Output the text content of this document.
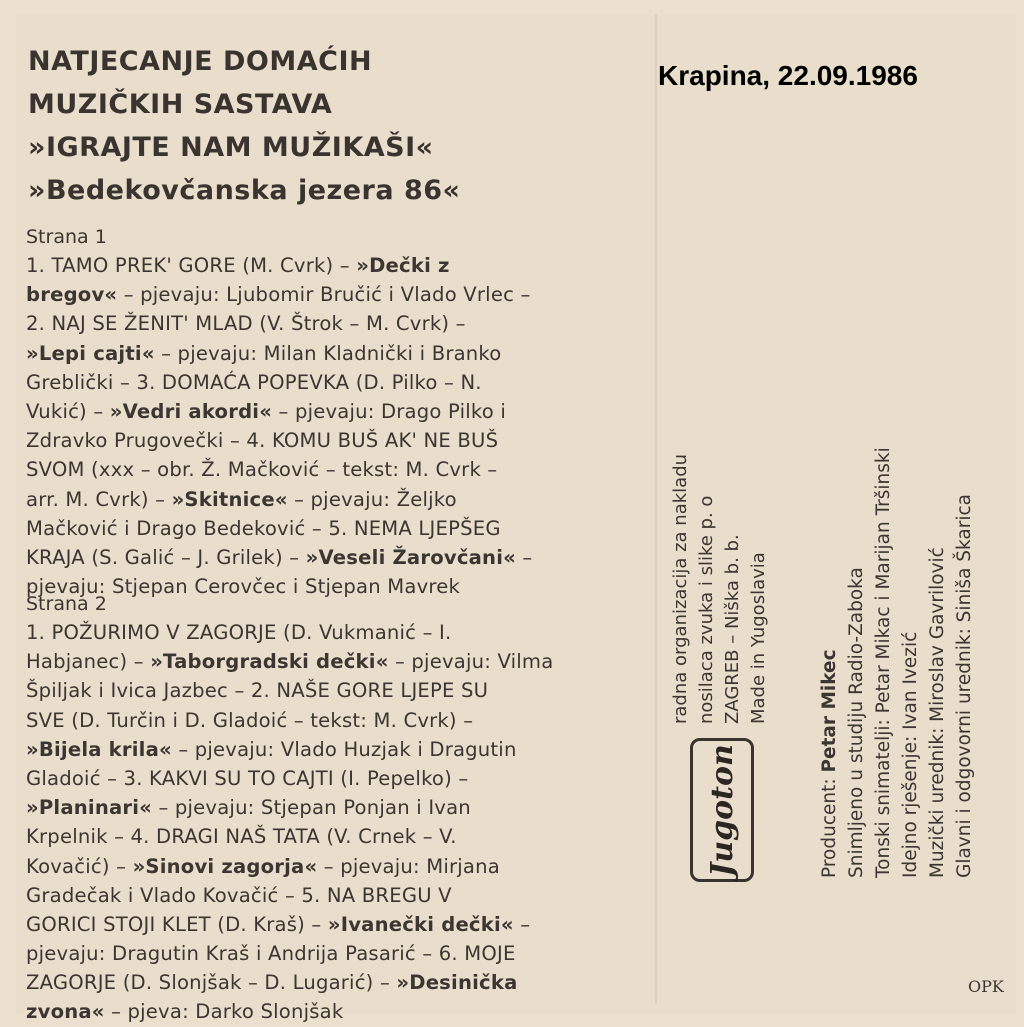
Krapina, 22.09.1986
NATJECANJE DOMAĆIH
MUZIČKIH SASTAVA
»IGRAJTE NAM MUŽIKAŠI«
»Bedekovčanska jezera 86«
Strana 1
1. TAMO PREK' GORE (M. Cvrk) – »Dečki z
bregov« – pjevaju: Ljubomir Bručić i Vlado Vrlec –
2. NAJ SE ŽENIT' MLAD (V. Štrok – M. Cvrk) –
»Lepi cajti« – pjevaju: Milan Kladnički i Branko
Greblički – 3. DOMAĆA POPEVKA (D. Pilko – N.
Vukić) – »Vedri akordi« – pjevaju: Drago Pilko i
Zdravko Prugovečki – 4. KOMU BUŠ AK' NE BUŠ
SVOM (xxx – obr. Ž. Mačković – tekst: M. Cvrk –
arr. M. Cvrk) – »Skitnice« – pjevaju: Željko
Mačković i Drago Bedeković – 5. NEMA LJEPŠEG
KRAJA (S. Galić – J. Grilek) – »Veseli Žarovčani« –
pjevaju: Stjepan Cerovčec i Stjepan Mavrek
Strana 2
1. POŽURIMO V ZAGORJE (D. Vukmanić – I.
Habjanec) – »Taborgradski dečki« – pjevaju: Vilma
Špiljak i Ivica Jazbec – 2. NAŠE GORE LJEPE SU
SVE (D. Turčin i D. Gladoić – tekst: M. Cvrk) –
»Bijela krila« – pjevaju: Vlado Huzjak i Dragutin
Gladoić – 3. KAKVI SU TO CAJTI (I. Pepelko) –
»Planinari« – pjevaju: Stjepan Ponjan i Ivan
Krpelnik – 4. DRAGI NAŠ TATA (V. Crnek – V.
Kovačić) – »Sinovi zagorja« – pjevaju: Mirjana
Gradečak i Vlado Kovačić – 5. NA BREGU V
GORICI STOJI KLET (D. Kraš) – »Ivanečki dečki« –
pjevaju: Dragutin Kraš i Andrija Pasarić – 6. MOJE
ZAGORJE (D. Slonjšak – D. Lugarić) – »Desinička
zvona« – pjeva: Darko Slonjšak
radna organizacija za nakladu nosilaca zvuka i slike p. o ZAGREB – Niška b. b. Made in Yugoslavia
Jugoton	Producent: Petar Mikec Snimljeno u studiju Radio-Zaboka Tonski snimatelji: Petar Mikac i Marijan Tršinski Idejno rješenje: Ivan Ivezić Muzički urednik: Miroslav Gavrilović Glavni i odgovorni urednik: Siniša Škarica
OPK
